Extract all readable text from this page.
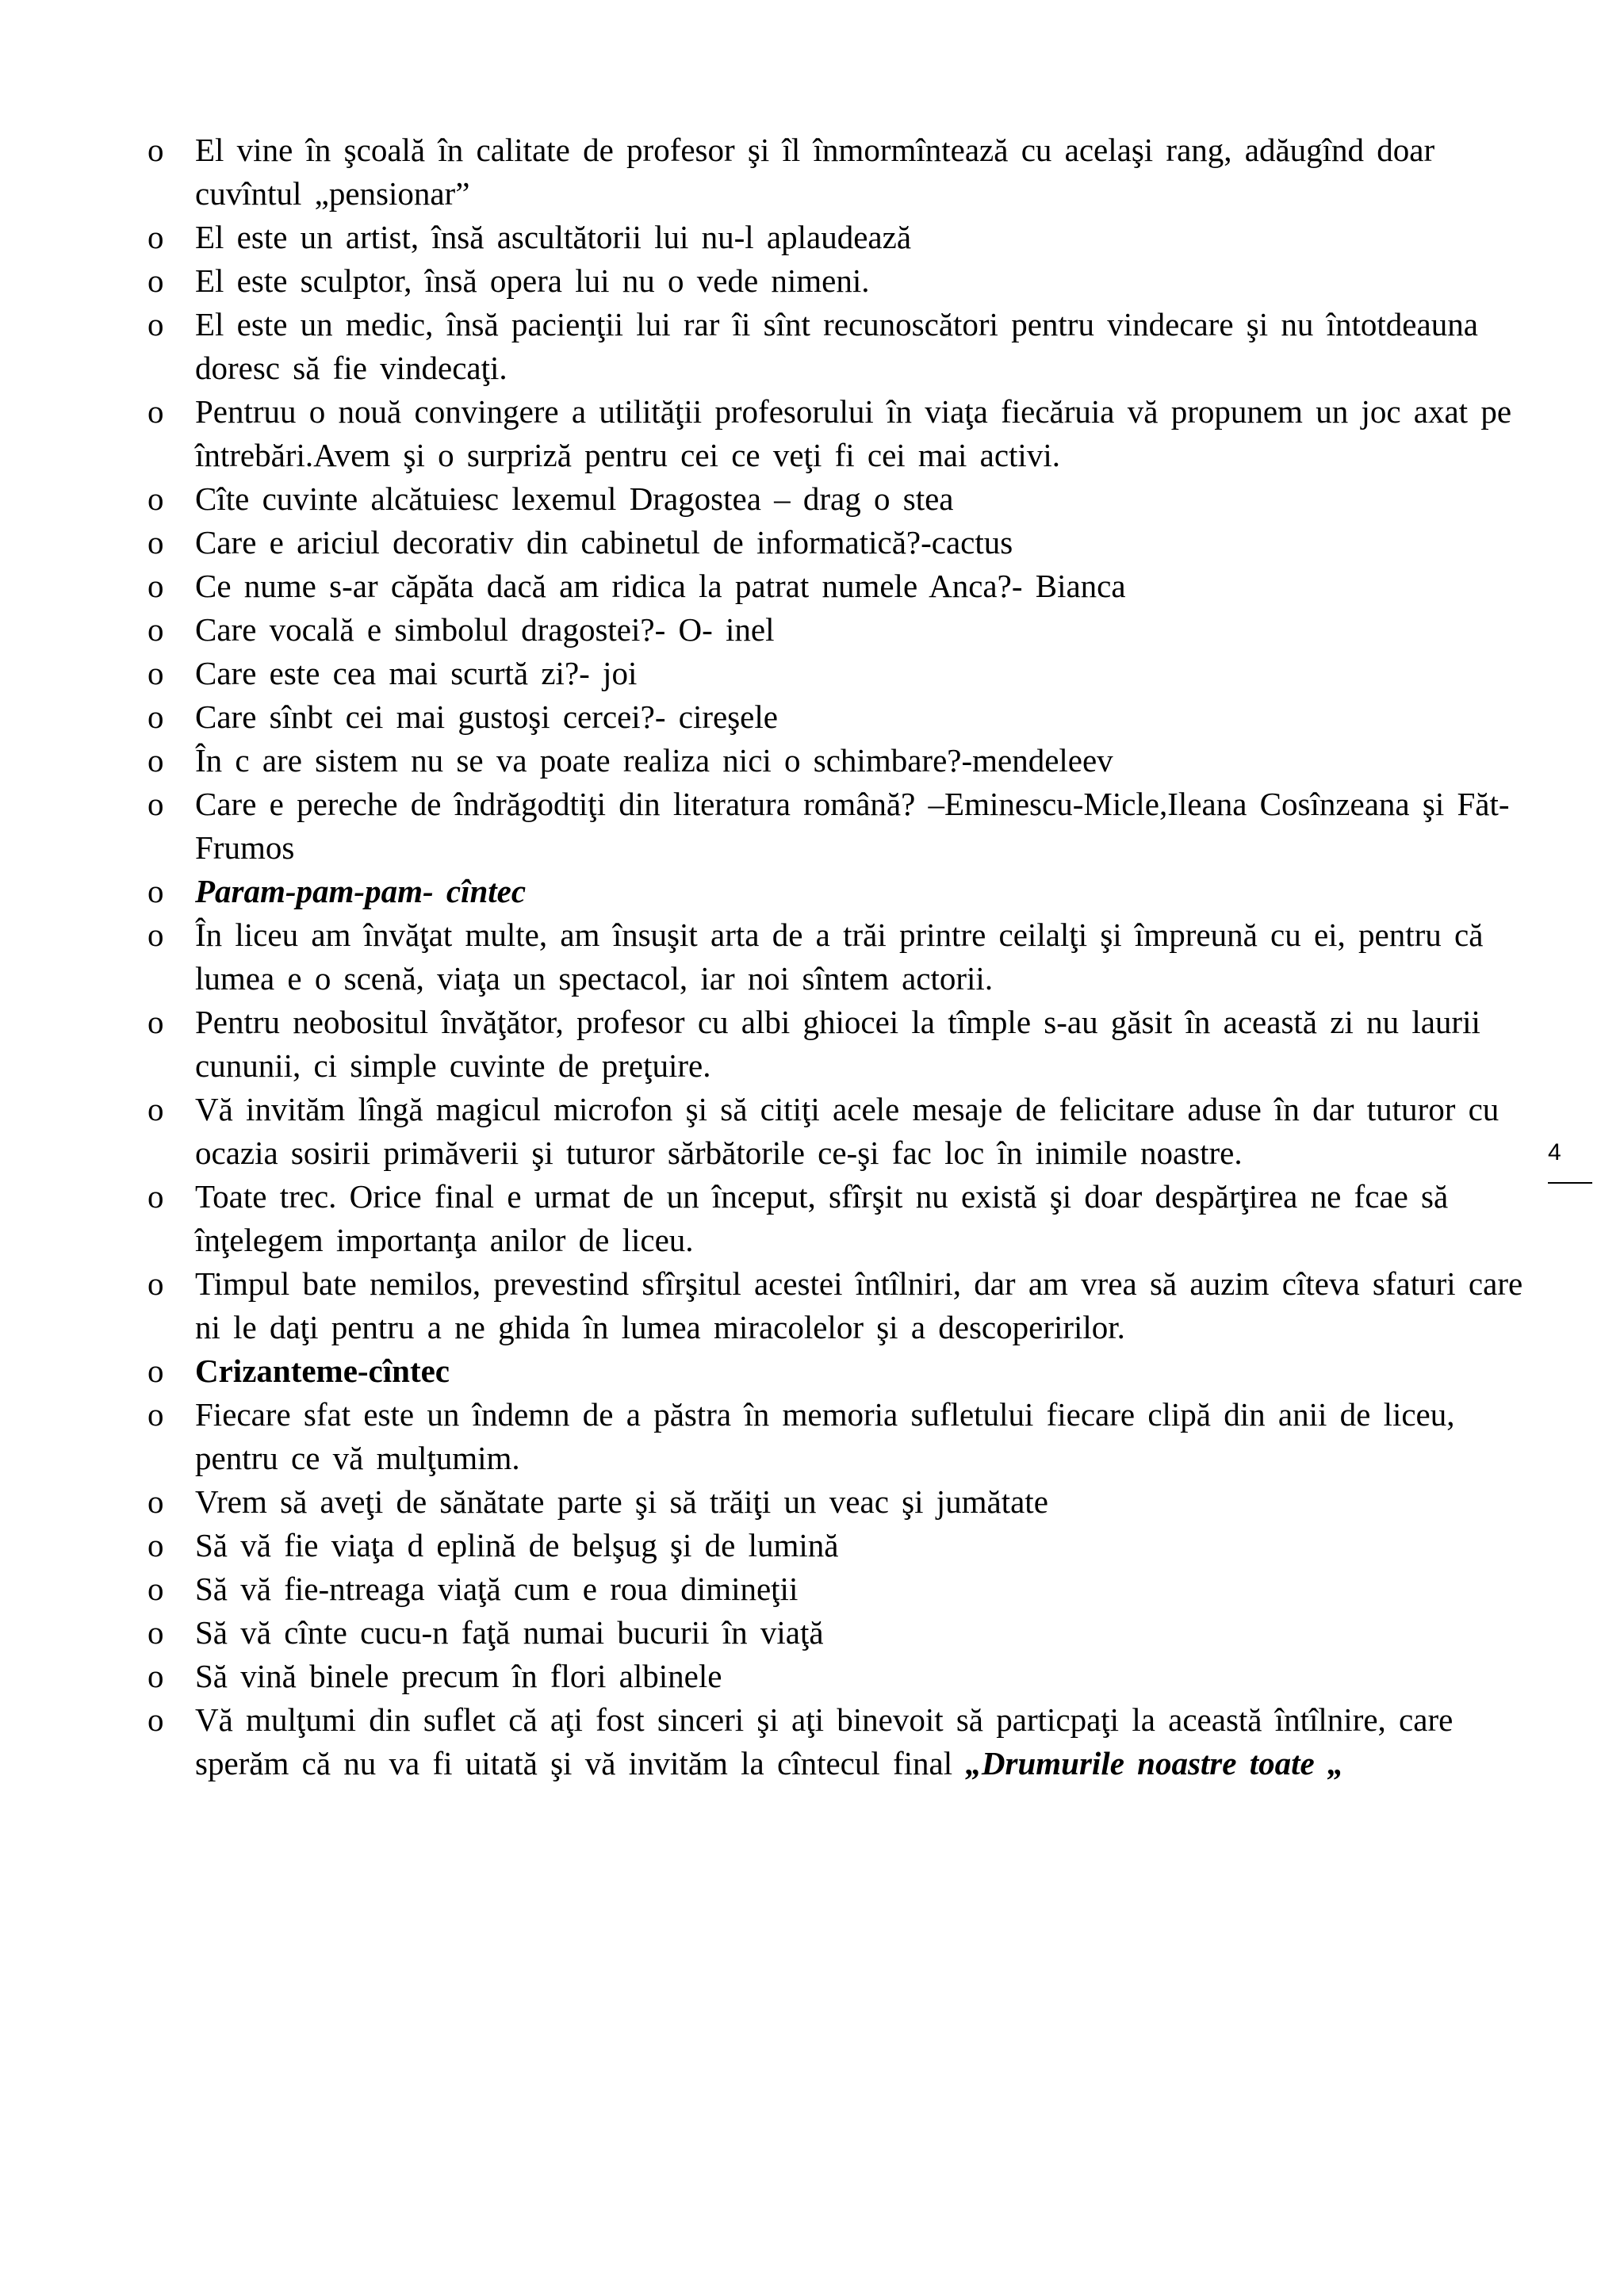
o El vine în şcoală în calitate de profesor şi îl înmormîntează cu acelaşi rang, adăugînd doar cuvîntul „pensionar”
o El este un artist, însă ascultătorii lui nu-l aplaudează
o El este sculptor, însă opera lui nu o vede nimeni.
o El este un medic, însă pacienţii lui rar îi sînt recunoscători pentru vindecare şi nu întotdeauna doresc să fie vindecaţi.
o Pentruu o nouă convingere a utilităţii profesorului în viaţa fiecăruia vă propunem un joc axat pe întrebări.Avem şi o surpriză pentru cei ce veţi fi cei mai activi.
o Cîte cuvinte alcătuiesc lexemul Dragostea – drag o stea
o Care e ariciul decorativ din cabinetul de informatică?-cactus
o Ce nume s-ar căpăta dacă am ridica la patrat numele Anca?- Bianca
o Care vocală e simbolul dragostei?- O- inel
o Care este cea mai scurtă zi?- joi
o Care sînbt cei mai gustoşi cercei?- cireşele
o În c are sistem nu se va poate realiza nici o schimbare?-mendeleev
o Care e pereche de îndrăgodtiţi din literatura română? –Eminescu-Micle,Ileana Cosînzeana şi Făt-Frumos
o Param-pam-pam- cîntec
o În liceu am învăţat multe, am însuşit arta de a trăi printre ceilalţi şi împreună cu ei, pentru că lumea e o scenă, viaţa un spectacol, iar noi sîntem actorii.
o Pentru neobositul învăţător, profesor cu albi ghiocei la tîmple s-au găsit în această zi nu laurii cununii, ci simple cuvinte de preţuire.
o Vă invităm lîngă magicul microfon şi să citiţi acele mesaje de felicitare aduse în dar tuturor cu ocazia sosirii primăverii şi tuturor sărbătorile ce-şi fac loc în inimile noastre.
o Toate trec. Orice final e urmat de un început, sfîrşit nu există şi doar despărţirea ne fcae să înţelegem importanţa anilor de liceu.
o Timpul bate nemilos, prevestind sfîrşitul acestei întîlniri, dar am vrea să auzim cîteva sfaturi care ni le daţi pentru a ne ghida în lumea miracolelor şi a descoperirilor.
o Crizanteme-cîntec
o Fiecare sfat este un îndemn de a păstra în memoria sufletului fiecare clipă din anii de liceu, pentru ce vă mulţumim.
o Vrem să aveţi de sănătate parte şi să trăiţi un veac şi jumătate
o Să vă fie viaţa d eplină de belşug şi de lumină
o Să vă fie-ntreaga viaţă cum e roua dimineţii
o Să vă cînte cucu-n faţă numai bucurii în viaţă
o Să vină binele precum în flori albinele
o Vă mulţumi din suflet că aţi fost sinceri şi aţi binevoit să particpaţi la această întîlnire, care sperăm că nu va fi uitată şi vă invităm la cîntecul final „Drumurile noastre toate „
4
